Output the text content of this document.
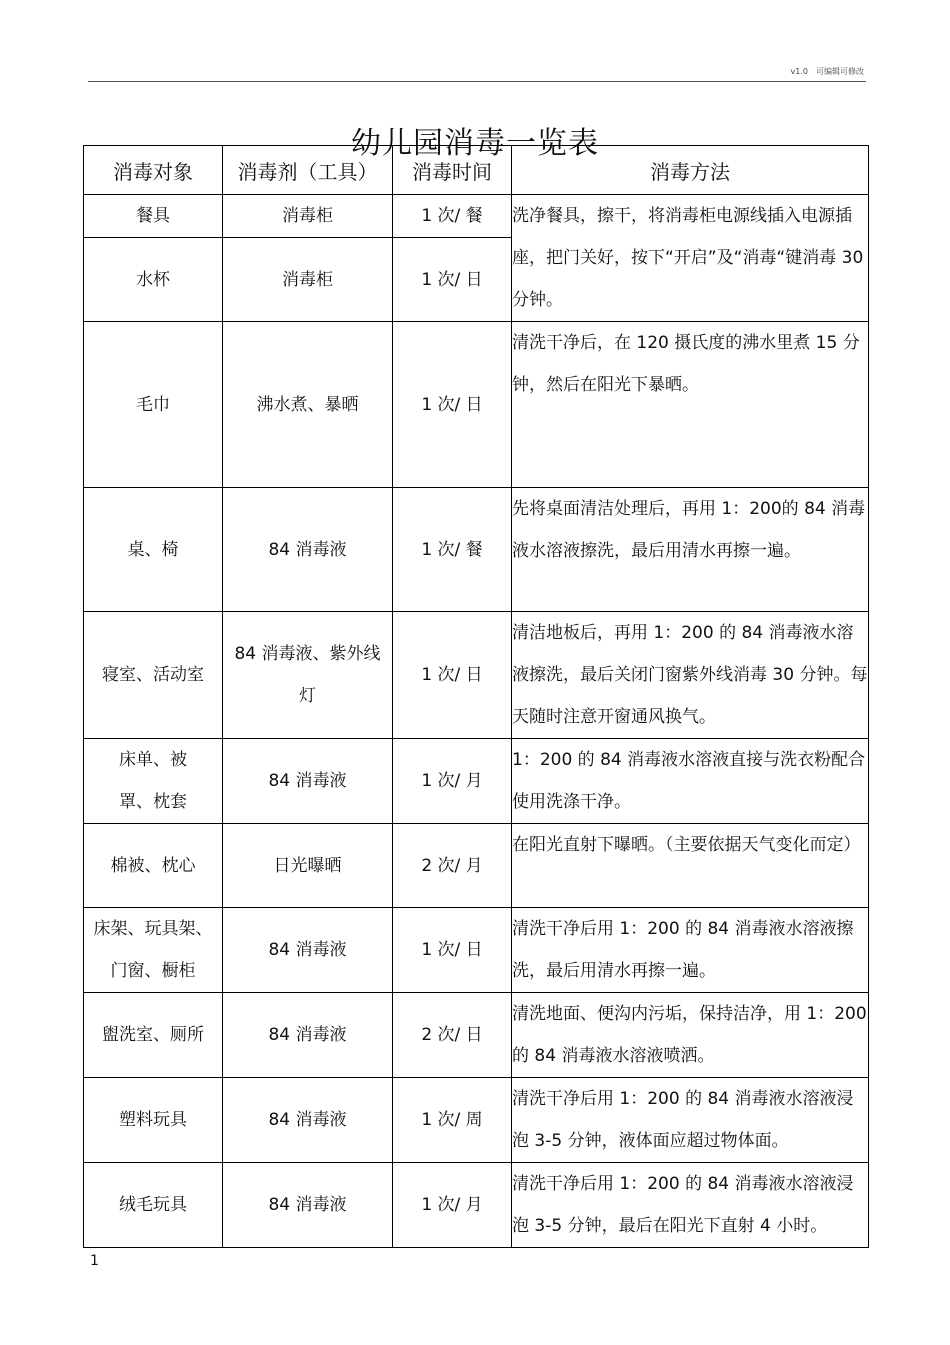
v1.0　可编辑可修改
幼儿园消毒一览表
消毒对象	消毒剂（工具）	消毒时间	消毒方法
餐具	消毒柜	1 次/ 餐	洗净餐具，擦干，将消毒柜电源线插入电源插座，把门关好，按下“开启”及“消毒“键消毒 30 分钟。
水杯	消毒柜	1 次/ 日	
毛巾	沸水煮、暴晒	1 次/ 日	清洗干净后，在 120 摄氏度的沸水里煮 15 分钟，然后在阳光下暴晒。
桌、椅	84 消毒液	1 次/ 餐	先将桌面清洁处理后，再用 1：200的 84 消毒液水溶液擦洗，最后用清水再擦一遍。
寝室、活动室	84 消毒液、紫外线灯	1 次/ 日	清洁地板后，再用 1：200 的 84 消毒液水溶液擦洗，最后关闭门窗紫外线消毒 30 分钟。每天随时注意开窗通风换气。
床单、被罩、枕套	84 消毒液	1 次/ 月	1：200 的 84 消毒液水溶液直接与洗衣粉配合使用洗涤干净。
棉被、枕心	日光曝晒	2 次/ 月	在阳光直射下曝晒。（主要依据天气变化而定）
床架、玩具架、门窗、橱柜	84 消毒液	1 次/ 日	清洗干净后用 1：200 的 84 消毒液水溶液擦洗，最后用清水再擦一遍。
盥洗室、厕所	84 消毒液	2 次/ 日	清洗地面、便沟内污垢，保持洁净，用 1：200 的 84 消毒液水溶液喷洒。
塑料玩具	84 消毒液	1 次/ 周	清洗干净后用 1：200 的 84 消毒液水溶液浸泡 3-5 分钟，液体面应超过物体面。
绒毛玩具	84 消毒液	1 次/ 月	清洗干净后用 1：200 的 84 消毒液水溶液浸泡 3-5 分钟，最后在阳光下直射 4 小时。
1
